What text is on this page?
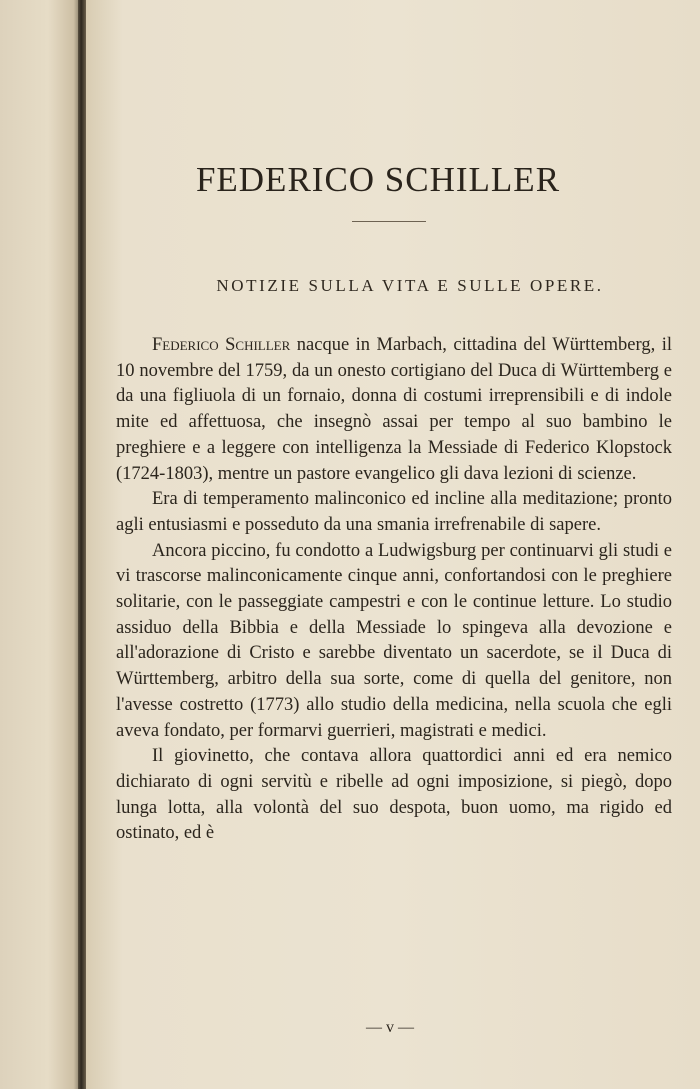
FEDERICO SCHILLER
NOTIZIE SULLA VITA E SULLE OPERE.

Federico Schiller nacque in Marbach, cittadina del Württemberg, il 10 novembre del 1759, da un onesto cortigiano del Duca di Württemberg e da una figliuola di un fornaio, donna di costumi irreprensibili e di indole mite ed affettuosa, che insegnò assai per tempo al suo bambino le preghiere e a leggere con intelligenza la Messiade di Federico Klopstock (1724-1803), mentre un pastore evangelico gli dava lezioni di scienze.

Era di temperamento malinconico ed incline alla meditazione; pronto agli entusiasmi e posseduto da una smania irrefrenabile di sapere.

Ancora piccino, fu condotto a Ludwigsburg per continuarvi gli studi e vi trascorse malinconicamente cinque anni, confortandosi con le preghiere solitarie, con le passeggiate campestri e con le continue letture. Lo studio assiduo della Bibbia e della Messiade lo spingeva alla devozione e all'adorazione di Cristo e sarebbe diventato un sacerdote, se il Duca di Württemberg, arbitro della sua sorte, come di quella del genitore, non l'avesse costretto (1773) allo studio della medicina, nella scuola che egli aveva fondato, per formarvi guerrieri, magistrati e medici.

Il giovinetto, che contava allora quattordici anni ed era nemico dichiarato di ogni servitù e ribelle ad ogni imposizione, si piegò, dopo lunga lotta, alla volontà del suo despota, buon uomo, ma rigido ed ostinato, ed è

— v —
